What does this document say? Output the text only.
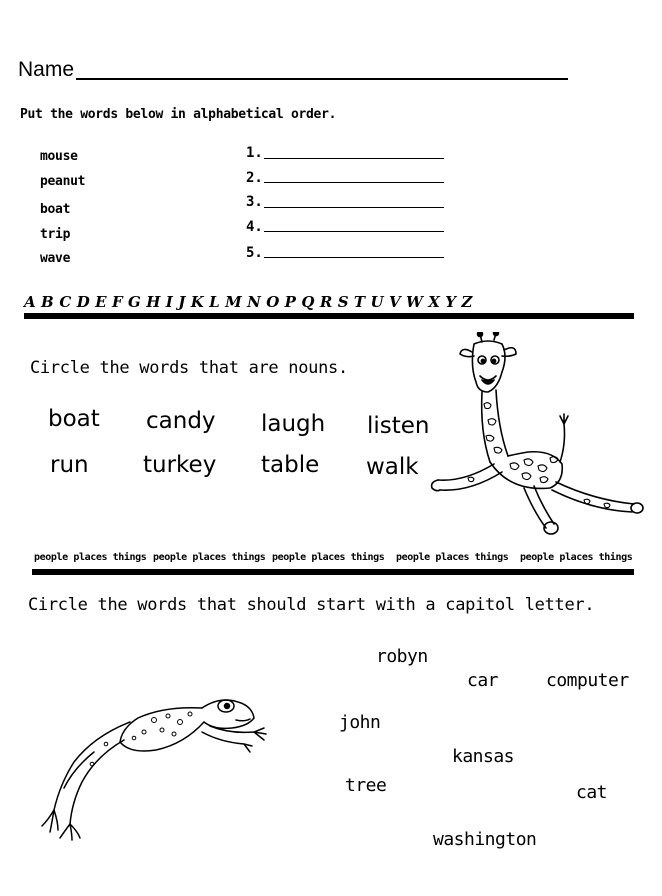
Name
Put the words below in alphabetical order.
mouse
peanut
boat
trip
wave
1.
2.
3.
4.
5.
ABCDEFGHIJKLMNOPQRSTUVWXYZ
Circle the words that are nouns.
boat candy laugh listen
run turkey table walk
people places things people places things people places things people places things people places things
Circle the words that should start with a capitol letter.
robyn
car	computer
john
kansas
tree	cat
washington
